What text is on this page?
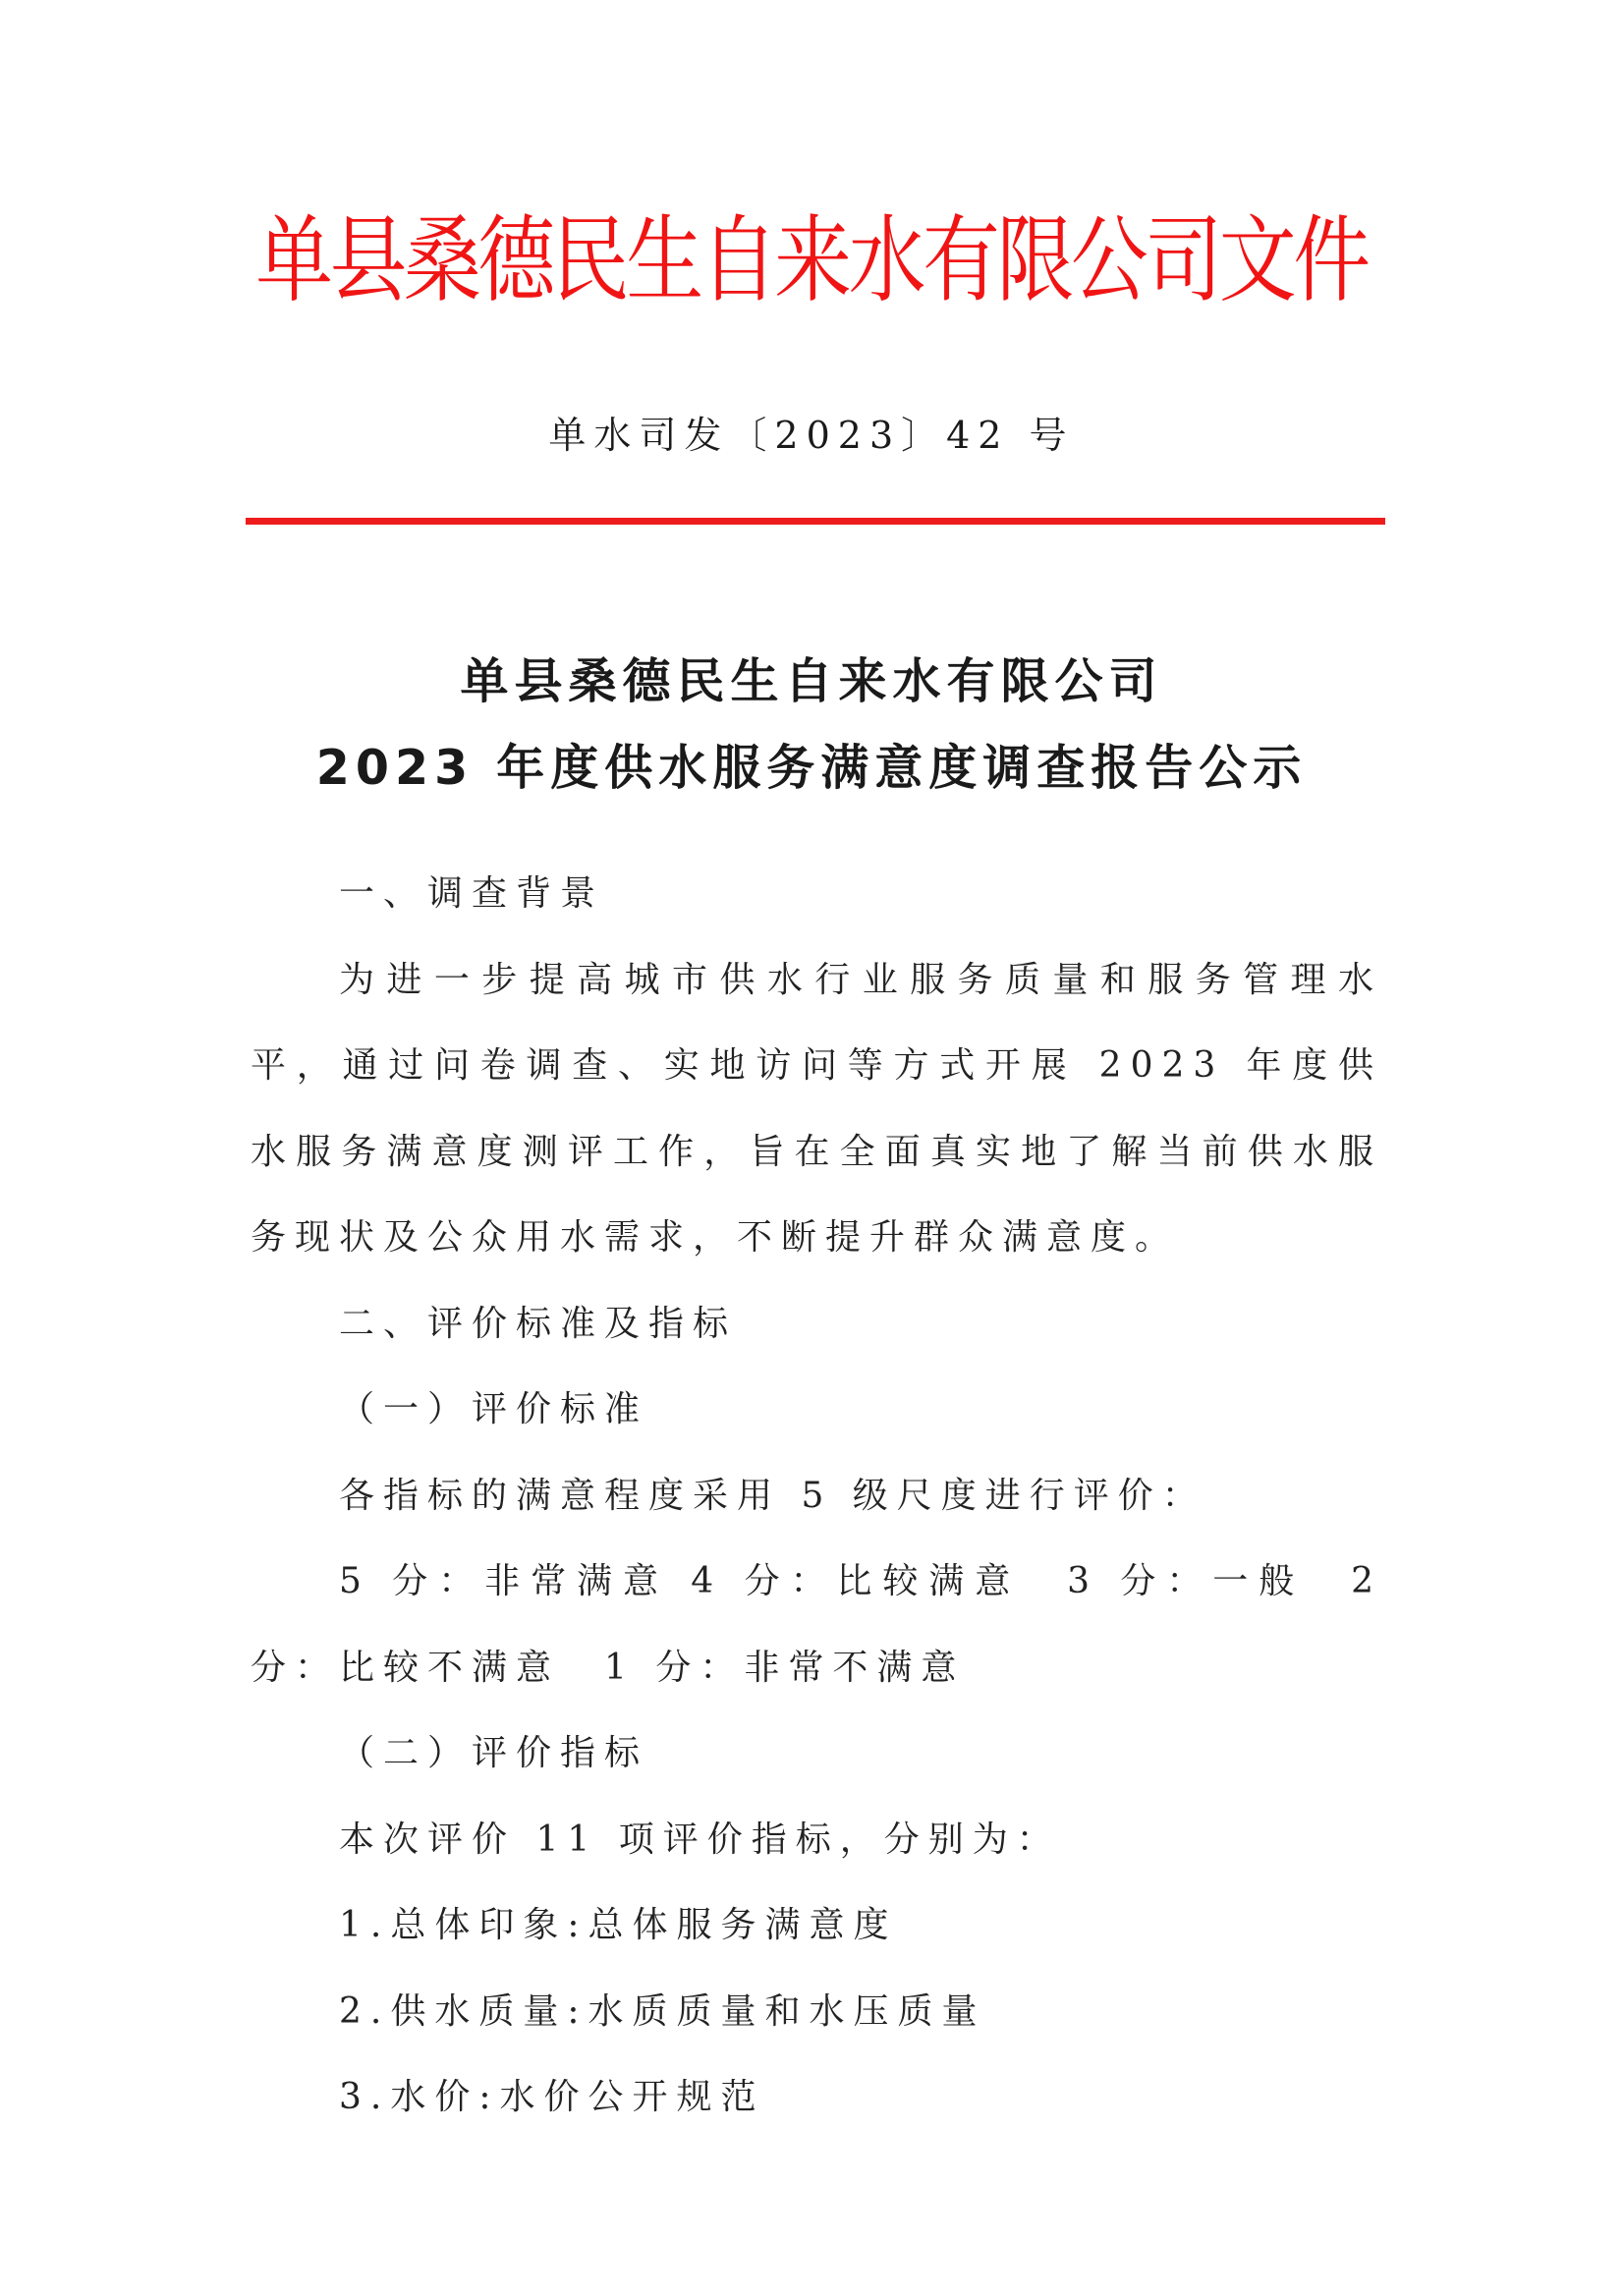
单县桑德民生自来水有限公司文件
单水司发〔2023〕42 号
单县桑德民生自来水有限公司
2023 年度供水服务满意度调查报告公示

一、调查背景

为进一步提高城市供水行业服务质量和服务管理水平，通过问卷调查、实地访问等方式开展 2023 年度供水服务满意度测评工作，旨在全面真实地了解当前供水服务现状及公众用水需求，不断提升群众满意度。

二、评价标准及指标

（一）评价标准

各指标的满意程度采用 5 级尺度进行评价：

5 分：非常满意 4 分：比较满意　3 分：一般　2 分：比较不满意　1 分：非常不满意

（二）评价指标

本次评价 11 项评价指标，分别为：

1.总体印象:总体服务满意度

2.供水质量:水质质量和水压质量

3.水价:水价公开规范
